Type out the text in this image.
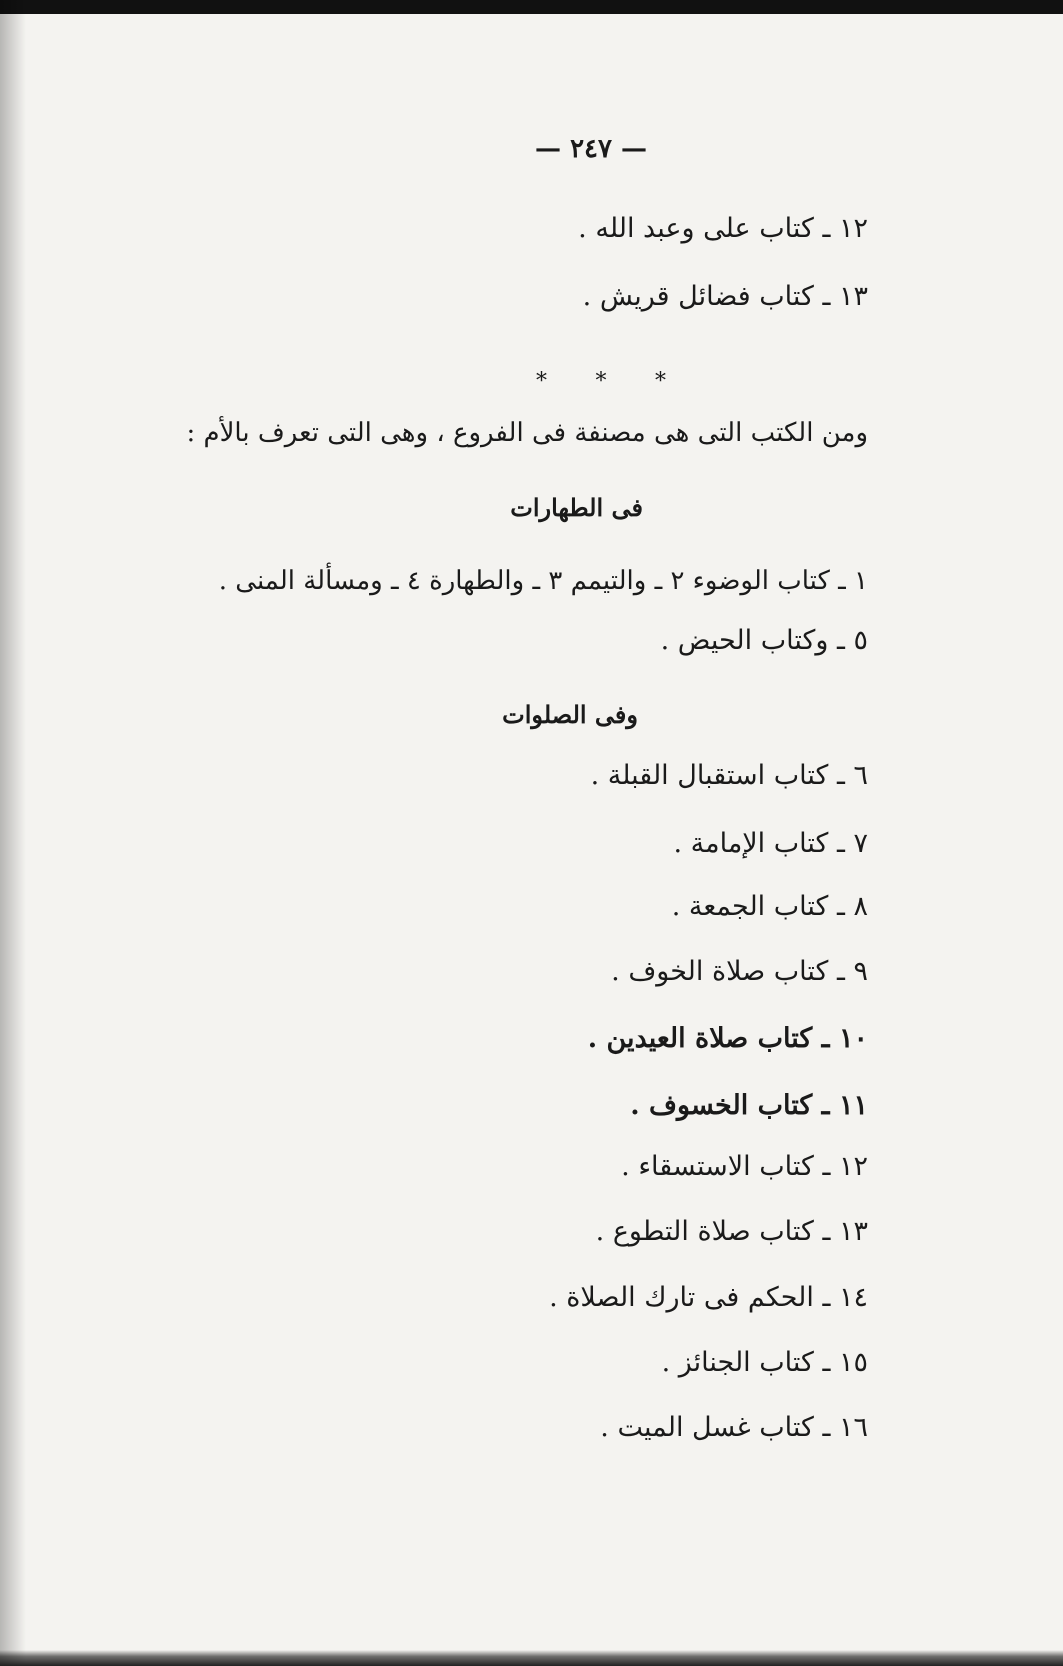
— ٢٤٧ —
١٢ ـ كتاب على وعبد الله .
١٣ ـ كتاب فضائل قريش .
* * *
ومن الكتب التى هى مصنفة فى الفروع ، وهى التى تعرف بالأم :
فى الطهارات
١ ـ كتاب الوضوء ٢ ـ والتيمم ٣ ـ والطهارة ٤ ـ ومسألة المنى .
٥ ـ وكتاب الحيض .
وفى الصلوات
٦ ـ كتاب استقبال القبلة .
٧ ـ كتاب الإمامة .
٨ ـ كتاب الجمعة .
٩ ـ كتاب صلاة الخوف .
١٠ ـ كتاب صلاة العيدين .
١١ ـ كتاب الخسوف .
١٢ ـ كتاب الاستسقاء .
١٣ ـ كتاب صلاة التطوع .
١٤ ـ الحكم فى تارك الصلاة .
١٥ ـ كتاب الجنائز .
١٦ ـ كتاب غسل الميت .
